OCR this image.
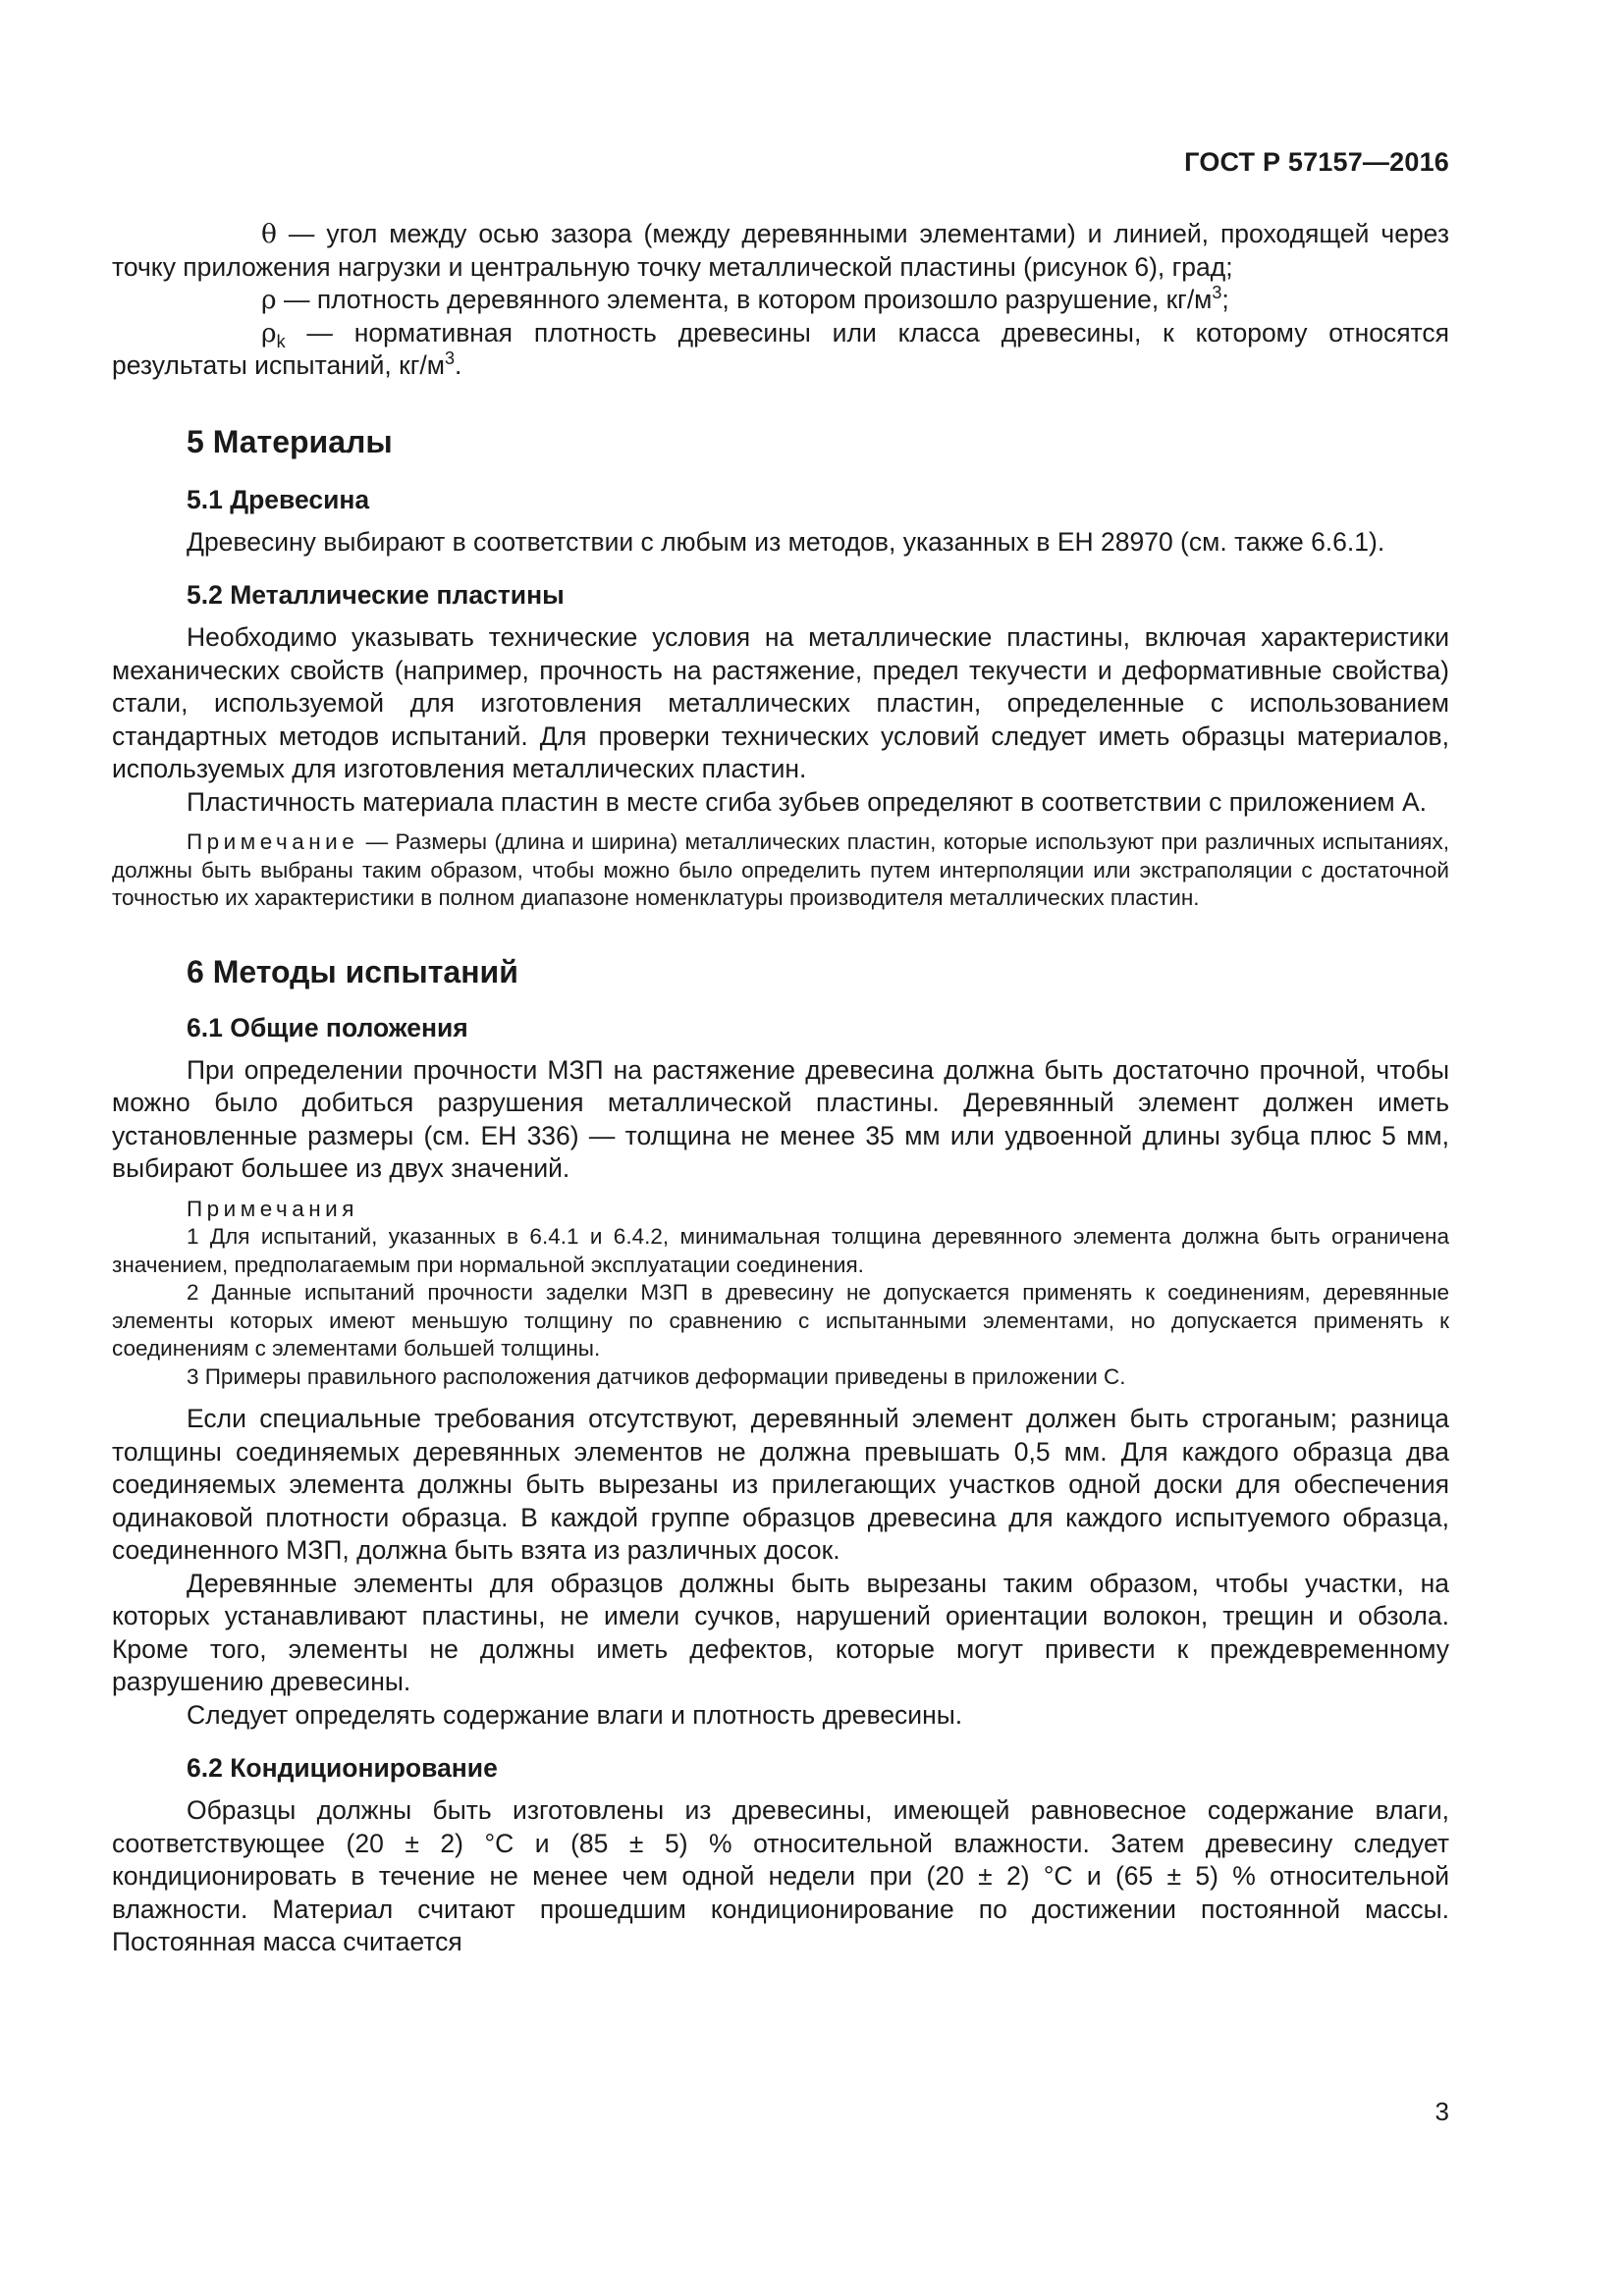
ГОСТ Р 57157—2016

θ — угол между осью зазора (между деревянными элементами) и линией, проходящей через точку приложения нагрузки и центральную точку металлической пластины (рисунок 6), град;

ρ — плотность деревянного элемента, в котором произошло разрушение, $кг/м^3$;

$\rho_k$ — нормативная плотность древесины или класса древесины, к которому относятся результаты испытаний, $кг/м^3$.

5 Материалы
5.1 Древесина

Древесину выбирают в соответствии с любым из методов, указанных в ЕН 28970 (см. также 6.6.1).

5.2 Металлические пластины

Необходимо указывать технические условия на металлические пластины, включая характеристики механических свойств (например, прочность на растяжение, предел текучести и деформативные свойства) стали, используемой для изготовления металлических пластин, определенные с использованием стандартных методов испытаний. Для проверки технических условий следует иметь образцы материалов, используемых для изготовления металлических пластин.

Пластичность материала пластин в месте сгиба зубьев определяют в соответствии с приложением А.

Примечание — Размеры (длина и ширина) металлических пластин, которые используют при различных испытаниях, должны быть выбраны таким образом, чтобы можно было определить путем интерполяции или экстраполяции с достаточной точностью их характеристики в полном диапазоне номенклатуры производителя металлических пластин.

6 Методы испытаний
6.1 Общие положения

При определении прочности МЗП на растяжение древесина должна быть достаточно прочной, чтобы можно было добиться разрушения металлической пластины. Деревянный элемент должен иметь установленные размеры (см. ЕН 336) — толщина не менее 35 мм или удвоенной длины зубца плюс 5 мм, выбирают большее из двух значений.

Примечания

1 Для испытаний, указанных в 6.4.1 и 6.4.2, минимальная толщина деревянного элемента должна быть ограничена значением, предполагаемым при нормальной эксплуатации соединения.

2 Данные испытаний прочности заделки МЗП в древесину не допускается применять к соединениям, деревянные элементы которых имеют меньшую толщину по сравнению с испытанными элементами, но допускается применять к соединениям с элементами большей толщины.

3 Примеры правильного расположения датчиков деформации приведены в приложении С.

Если специальные требования отсутствуют, деревянный элемент должен быть строганым; разница толщины соединяемых деревянных элементов не должна превышать 0,5 мм. Для каждого образца два соединяемых элемента должны быть вырезаны из прилегающих участков одной доски для обеспечения одинаковой плотности образца. В каждой группе образцов древесина для каждого испытуемого образца, соединенного МЗП, должна быть взята из различных досок.

Деревянные элементы для образцов должны быть вырезаны таким образом, чтобы участки, на которых устанавливают пластины, не имели сучков, нарушений ориентации волокон, трещин и обзола. Кроме того, элементы не должны иметь дефектов, которые могут привести к преждевременному разрушению древесины.

Следует определять содержание влаги и плотность древесины.

6.2 Кондиционирование

Образцы должны быть изготовлены из древесины, имеющей равновесное содержание влаги, соответствующее (20 ± 2) °С и (85 ± 5) % относительной влажности. Затем древесину следует кондиционировать в течение не менее чем одной недели при (20 ± 2) °С и (65 ± 5) % относительной влажности. Материал считают прошедшим кондиционирование по достижении постоянной массы. Постоянная масса считается

3
